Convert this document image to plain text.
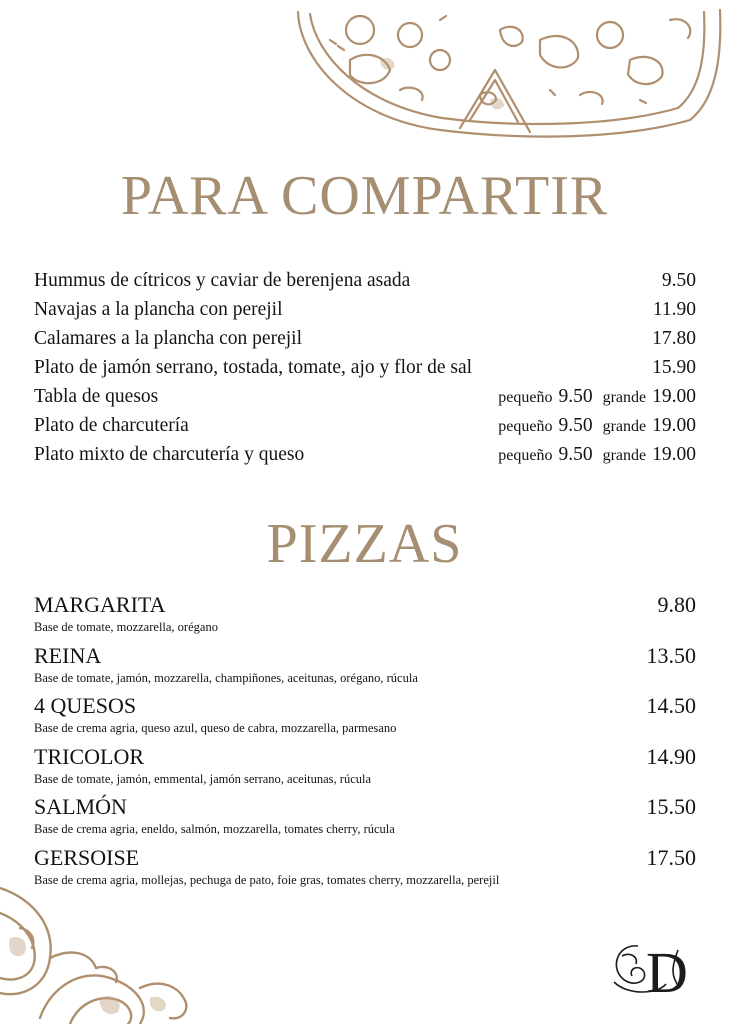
D
PARA COMPARTIR
Hummus de cítricos y caviar de berenjena asada	9.50
Navajas a la plancha con perejil	11.90
Calamares a la plancha con perejil	17.80
Plato de jamón serrano, tostada, tomate, ajo y flor de sal	15.90
Tabla de quesos	pequeño 9.50 grande 19.00
Plato de charcutería	pequeño 9.50 grande 19.00
Plato mixto de charcutería y queso	pequeño 9.50 grande 19.00
PIZZAS
MARGARITA	9.80
Base de tomate, mozzarella, orégano
REINA	13.50
Base de tomate, jamón, mozzarella, champiñones, aceitunas, orégano, rúcula
4 QUESOS	14.50
Base de crema agria, queso azul, queso de cabra, mozzarella, parmesano
TRICOLOR	14.90
Base de tomate, jamón, emmental, jamón serrano, aceitunas, rúcula
SALMÓN	15.50
Base de crema agria, eneldo, salmón, mozzarella, tomates cherry, rúcula
GERSOISE	17.50
Base de crema agria, mollejas, pechuga de pato, foie gras, tomates cherry, mozzarella, perejil
